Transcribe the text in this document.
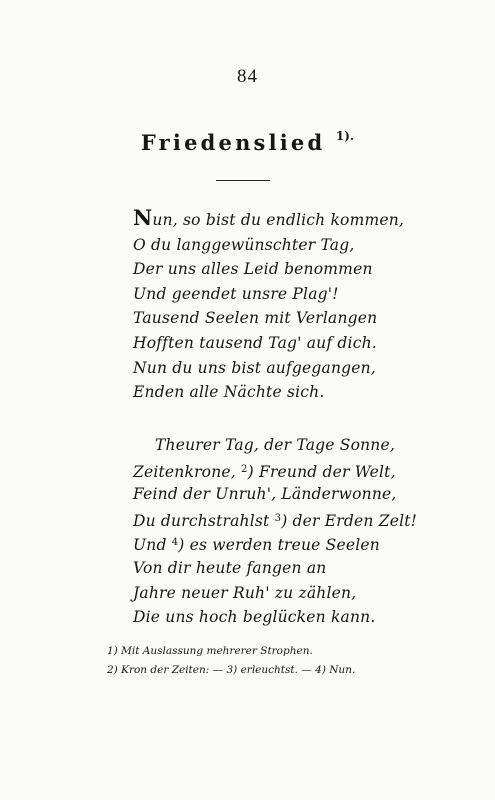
84
Friedenslied $^{1).}$
Nun, so bist du endlich kommen,
O du langgewünschter Tag,
Der uns alles Leid benommen
Und geendet unsre Plag'!
Tausend Seelen mit Verlangen
Hofften tausend Tag' auf dich.
Nun du uns bist aufgegangen,
Enden alle Nächte sich.
Theurer Tag, der Tage Sonne,
Zeitenkrone, $^2$) Freund der Welt,
Feind der Unruh', Länderwonne,
Du durchstrahlst $^3$) der Erden Zelt!
Und $^4$) es werden treue Seelen
Von dir heute fangen an
Jahre neuer Ruh' zu zählen,
Die uns hoch beglücken kann.
1) Mit Auslassung mehrerer Strophen.
2) Kron der Zeiten: — 3) erleuchtst. — 4) Nun.
